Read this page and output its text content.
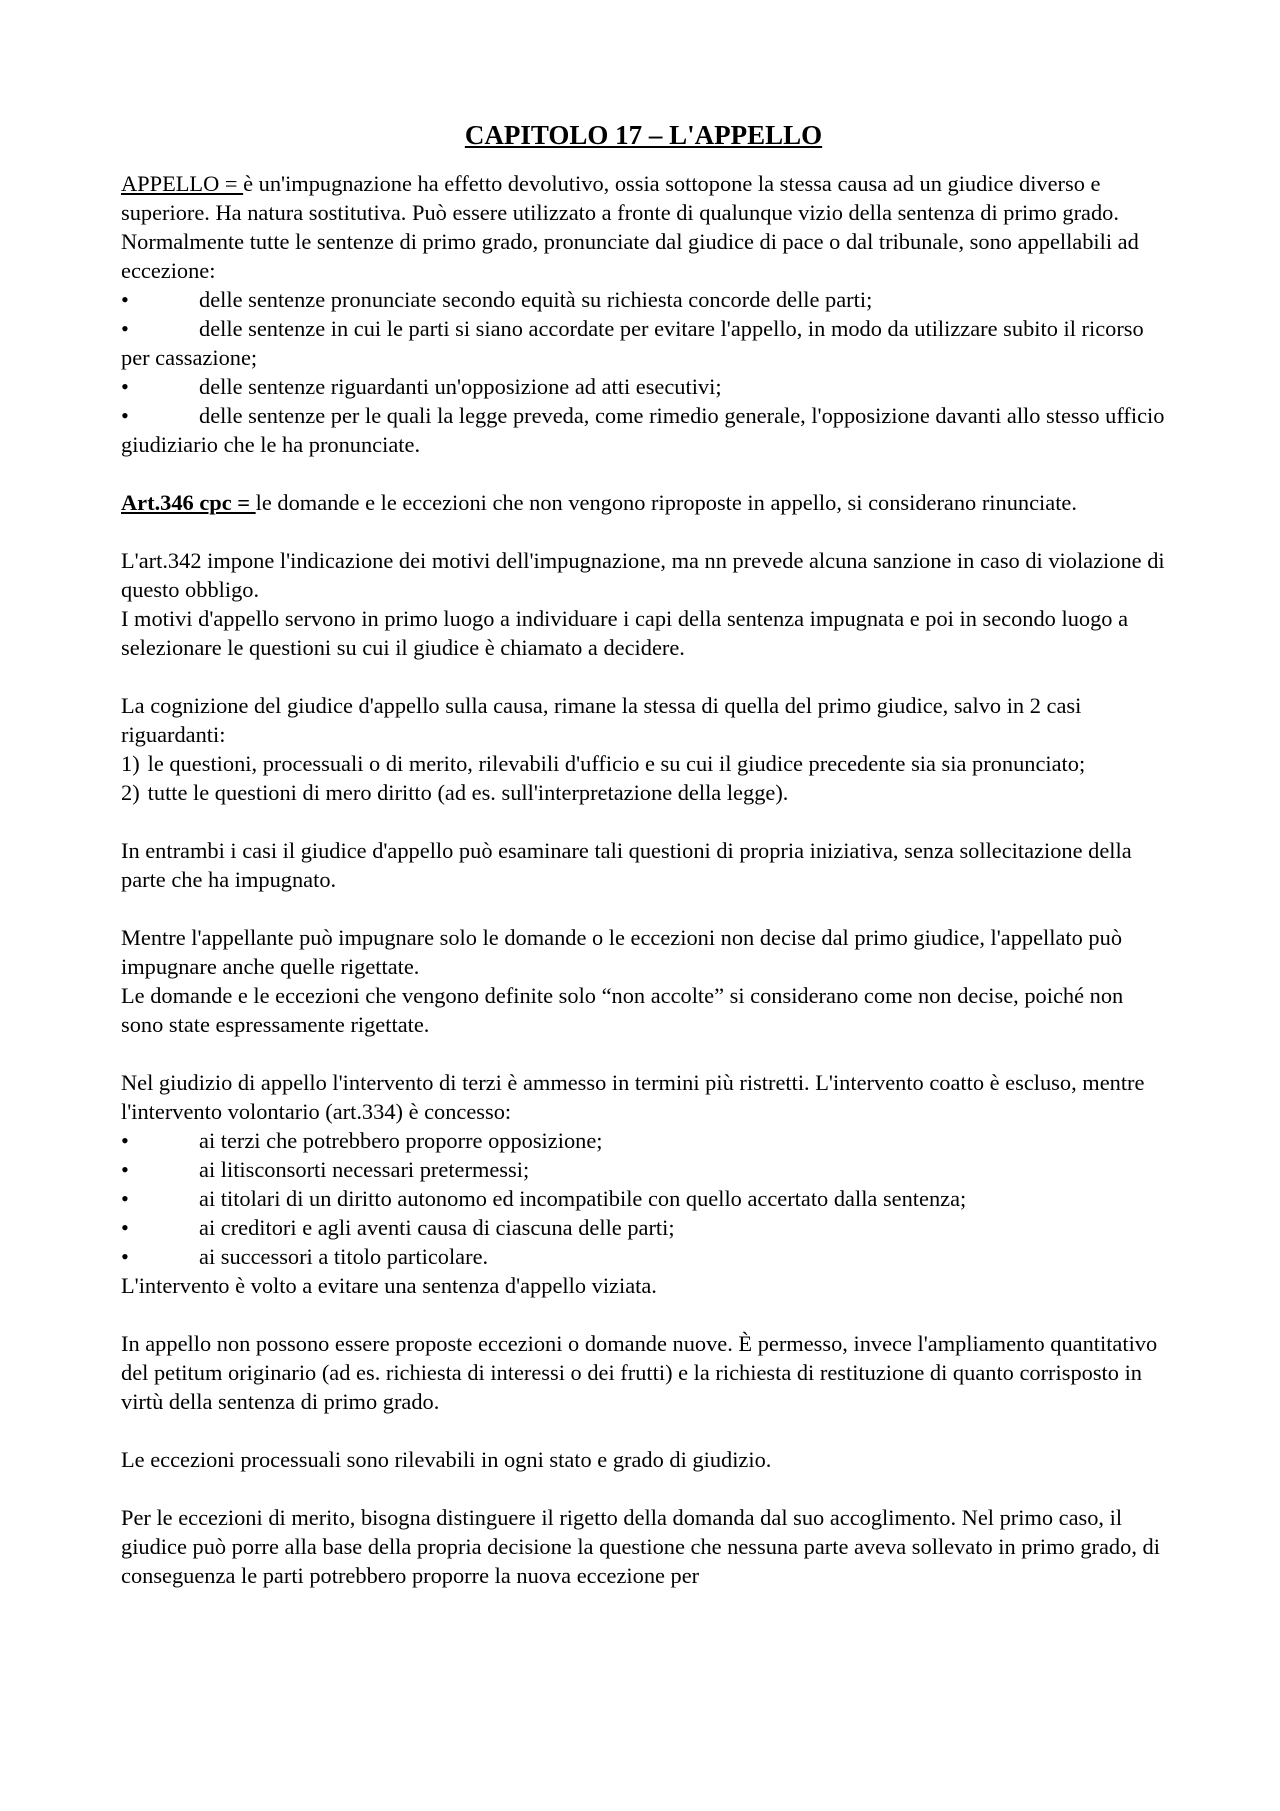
CAPITOLO 17 – L'APPELLO

APPELLO = è un'impugnazione ha effetto devolutivo, ossia sottopone la stessa causa ad un giudice diverso e superiore. Ha natura sostitutiva. Può essere utilizzato a fronte di qualunque vizio della sentenza di primo grado.

Normalmente tutte le sentenze di primo grado, pronunciate dal giudice di pace o dal tribunale, sono appellabili ad eccezione:

•	delle sentenze pronunciate secondo equità su richiesta concorde delle parti;
•	delle sentenze in cui le parti si siano accordate per evitare l'appello, in modo da utilizzare subito il ricorso per cassazione;
•	delle sentenze riguardanti un'opposizione ad atti esecutivi;
•	delle sentenze per le quali la legge preveda, come rimedio generale, l'opposizione davanti allo stesso ufficio giudiziario che le ha pronunciate.

Art.346 cpc = le domande e le eccezioni che non vengono riproposte in appello, si considerano rinunciate.

L'art.342 impone l'indicazione dei motivi dell'impugnazione, ma nn prevede alcuna sanzione in caso di violazione di questo obbligo.

I motivi d'appello servono in primo luogo a individuare i capi della sentenza impugnata e poi in secondo luogo a selezionare le questioni su cui il giudice è chiamato a decidere.

La cognizione del giudice d'appello sulla causa, rimane la stessa di quella del primo giudice, salvo in 2 casi riguardanti:

1) le questioni, processuali o di merito, rilevabili d'ufficio e su cui il giudice precedente sia sia pronunciato;

2) tutte le questioni di mero diritto (ad es. sull'interpretazione della legge).

In entrambi i casi il giudice d'appello può esaminare tali questioni di propria iniziativa, senza sollecitazione della parte che ha impugnato.

Mentre l'appellante può impugnare solo le domande o le eccezioni non decise dal primo giudice, l'appellato può impugnare anche quelle rigettate.

Le domande e le eccezioni che vengono definite solo “non accolte” si considerano come non decise, poiché non sono state espressamente rigettate.

Nel giudizio di appello l'intervento di terzi è ammesso in termini più ristretti. L'intervento coatto è escluso, mentre l'intervento volontario (art.334) è concesso:

•	ai terzi che potrebbero proporre opposizione;
•	ai litisconsorti necessari pretermessi;
•	ai titolari di un diritto autonomo ed incompatibile con quello accertato dalla sentenza;
•	ai creditori e agli aventi causa di ciascuna delle parti;
•	ai successori a titolo particolare.

L'intervento è volto a evitare una sentenza d'appello viziata.

In appello non possono essere proposte eccezioni o domande nuove. È permesso, invece l'ampliamento quantitativo del petitum originario (ad es. richiesta di interessi o dei frutti) e la richiesta di restituzione di quanto corrisposto in virtù della sentenza di primo grado.

Le eccezioni processuali sono rilevabili in ogni stato e grado di giudizio.

Per le eccezioni di merito, bisogna distinguere il rigetto della domanda dal suo accoglimento. Nel primo caso, il giudice può porre alla base della propria decisione la questione che nessuna parte aveva sollevato in primo grado, di conseguenza le parti potrebbero proporre la nuova eccezione per
